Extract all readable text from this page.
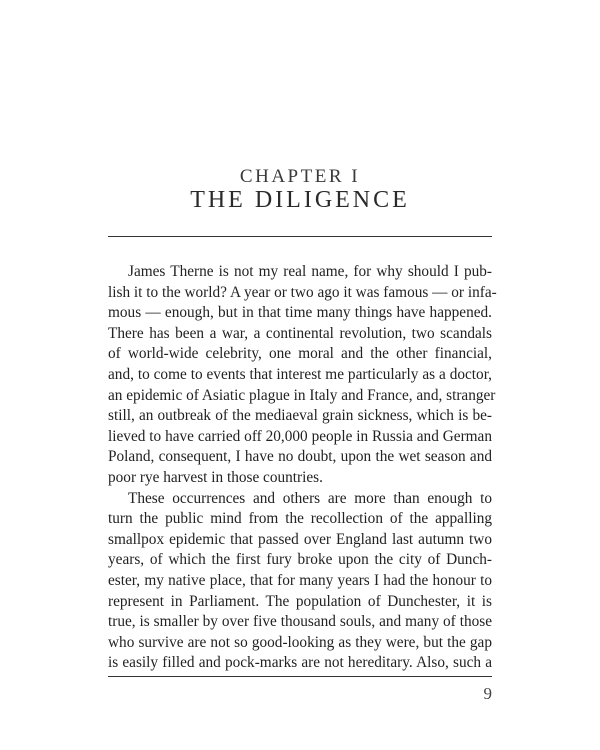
CHAPTER I
THE DILIGENCE
James Therne is not my real name, for why should I pub-
lish it to the world? A year or two ago it was famous — or infa-
mous — enough, but in that time many things have happened.
There has been a war, a continental revolution, two scandals
of world-wide celebrity, one moral and the other financial,
and, to come to events that interest me particularly as a doctor,
an epidemic of Asiatic plague in Italy and France, and, stranger
still, an outbreak of the mediaeval grain sickness, which is be-
lieved to have carried off 20,000 people in Russia and German
Poland, consequent, I have no doubt, upon the wet season and
poor rye harvest in those countries.
These occurrences and others are more than enough to
turn the public mind from the recollection of the appalling
smallpox epidemic that passed over England last autumn two
years, of which the first fury broke upon the city of Dunch-
ester, my native place, that for many years I had the honour to
represent in Parliament. The population of Dunchester, it is
true, is smaller by over five thousand souls, and many of those
who survive are not so good-looking as they were, but the gap
is easily filled and pock-marks are not hereditary. Also, such a
9
